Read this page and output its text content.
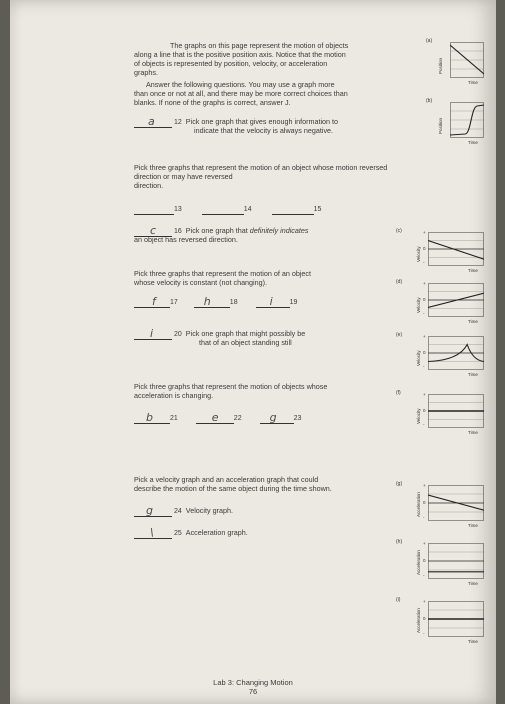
The graphs on this page represent the motion of objects
along a line that is the positive position axis. Notice that the motion
of objects is represented by position, velocity, or acceleration
graphs.
Answer the following questions. You may use a graph more
than once or not at all, and there may be more correct choices than
blanks. If none of the graphs is correct, answer J.
a	12 Pick one graph that gives enough information to
indicate that the velocity is always negative.
Pick three graphs that represent the motion of an object whose motion reversed
direction or may have reversed
direction.
13	14	15
c	16 Pick one graph that definitely indicates
an object has reversed direction.
Pick three graphs that represent the motion of an object
whose velocity is constant (not changing).
f 17 h	18	i 19
i	20 Pick one graph that might possibly be
that of an object standing still
Pick three graphs that represent the motion of objects whose
acceleration is changing.
b 21	e 22	g 23
Pick a velocity graph and an acceleration graph that could
describe the motion of the same object during the time shown.
g	24 Velocity graph.
\	25 Acceleration graph.
(a)
Position
Time
(b)
Position
Time
(c)
Velocity
Time
+
0
-
(d)
Velocity
Time
+
0
-
(e)
Velocity
Time
+
0
-
(f)
Velocity
Time
+
0
-
(g)
Acceleration
Time
+
0
-
(h)
Acceleration
Time
+
0
-
(i)
Acceleration
Time
+
0
-
Lab 3: Changing Motion
76
